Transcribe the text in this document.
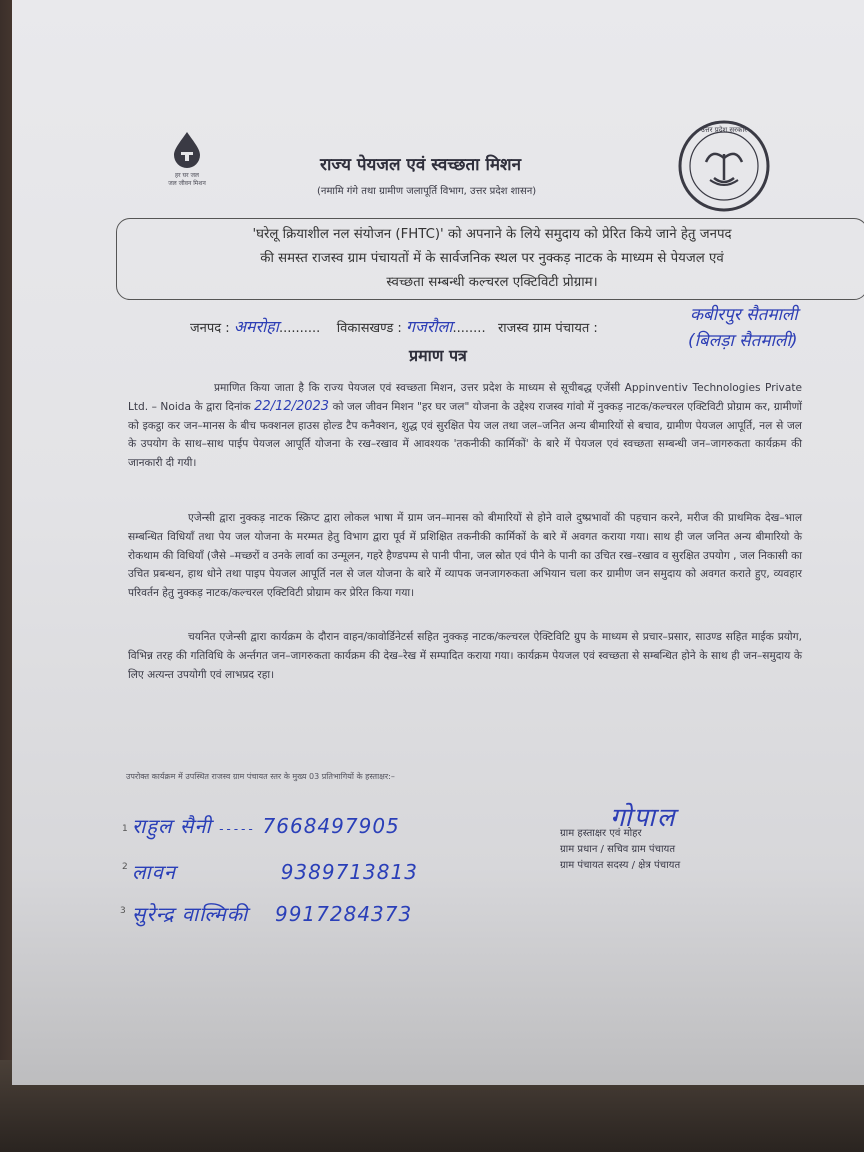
हर घर जल
जल जीवन मिशन
उत्तर प्रदेश सरकार
राज्य पेयजल एवं स्वच्छता मिशन
(नमामि गंगे तथा ग्रामीण जलापूर्ति विभाग, उत्तर प्रदेश शासन)
'घरेलू क्रियाशील नल संयोजन (FHTC)' को अपनाने के लिये समुदाय को प्रेरित किये जाने हेतु जनपद
की समस्त राजस्व ग्राम पंचायतों में के सार्वजनिक स्थल पर नुक्कड़ नाटक के माध्यम से पेयजल एवं
स्वच्छता सम्बन्धी कल्चरल एक्टिविटी प्रोग्राम।
जनपद : अमरोहा.......... विकासखण्ड : गजरौला........ राजस्व ग्राम पंचायत :
कबीरपुर सैतमाली
(बिलड़ा सैतमाली)
प्रमाण पत्र
प्रमाणित किया जाता है कि राज्य पेयजल एवं स्वच्छता मिशन, उत्तर प्रदेश के माध्यम से सूचीबद्ध एजेंसी Appinventiv Technologies Private Ltd. – Noida के द्वारा दिनांक 22/12/2023 को जल जीवन मिशन "हर घर जल" योजना के उद्देश्य राजस्व गांवो में नुक्कड़ नाटक/कल्चरल एक्टिविटी प्रोग्राम कर, ग्रामीणों को इकट्ठा कर जन–मानस के बीच फक्शनल हाउस होल्ड टैप कनैक्शन, शुद्ध एवं सुरक्षित पेय जल तथा जल–जनित अन्य बीमारियों से बचाव, ग्रामीण पेयजल आपूर्ति, नल से जल के उपयोग के साथ–साथ पाईप पेयजल आपूर्ति योजना के रख–रखाव में आवश्यक 'तकनीकी कार्मिकों' के बारे में पेयजल एवं स्वच्छता सम्बन्धी जन–जागरुकता कार्यक्रम की जानकारी दी गयी।
एजेन्सी द्वारा नुक्कड़ नाटक स्क्रिप्ट द्वारा लोकल भाषा में ग्राम जन–मानस को बीमारियों से होने वाले दुष्प्रभावों की पहचान करने, मरीज की प्राथमिक देख–भाल सम्बन्धित विधियाँ तथा पेय जल योजना के मरम्मत हेतु विभाग द्वारा पूर्व में प्रशिक्षित तकनीकी कार्मिकों के बारे में अवगत कराया गया। साथ ही जल जनित अन्य बीमारियो के रोकथाम की विधियाँ (जैसे –मच्छरों व उनके लार्वा का उन्मूलन, गहरे हैण्डपम्प से पानी पीना, जल स्रोत एवं पीने के पानी का उचित रख–रखाव व सुरक्षित उपयोग , जल निकासी का उचित प्रबन्धन, हाथ धोने तथा पाइप पेयजल आपूर्ति नल से जल योजना के बारे में व्यापक जनजागरुकता अभियान चला कर ग्रामीण जन समुदाय को अवगत कराते हुए, व्यवहार परिवर्तन हेतु नुक्कड़ नाटक/कल्चरल एक्टिविटी प्रोग्राम कर प्रेरित किया गया।
चयनित एजेन्सी द्वारा कार्यक्रम के दौरान वाहन/कावोर्डिनेटर्स सहित नुक्कड़ नाटक/कल्चरल ऐक्टिविटि ग्रुप के माध्यम से प्रचार–प्रसार, साउण्ड सहित माईक प्रयोग, विभिन्न तरह की गतिविधि के अर्न्तगत जन–जागरुकता कार्यक्रम की देख–रेख में सम्पादित कराया गया। कार्यक्रम पेयजल एवं स्वच्छता से सम्बन्धित होने के साथ ही जन–समुदाय के लिए अत्यन्त उपयोगी एवं लाभप्रद रहा।
उपरोक्त कार्यक्रम में उपस्थित राजस्व ग्राम पंचायत स्तर के मुख्य 03 प्रतिभागियों के हस्ताक्षर:–
1 राहुल सैनी ----- 7668497905
2 लावन	9389713813
3 सुरेन्द्र वाल्मिकी 9917284373
गोपाल
ग्राम हस्ताक्षर एवं मोहर
ग्राम प्रधान / सचिव ग्राम पंचायत
ग्राम पंचायत सदस्य / क्षेत्र पंचायत
